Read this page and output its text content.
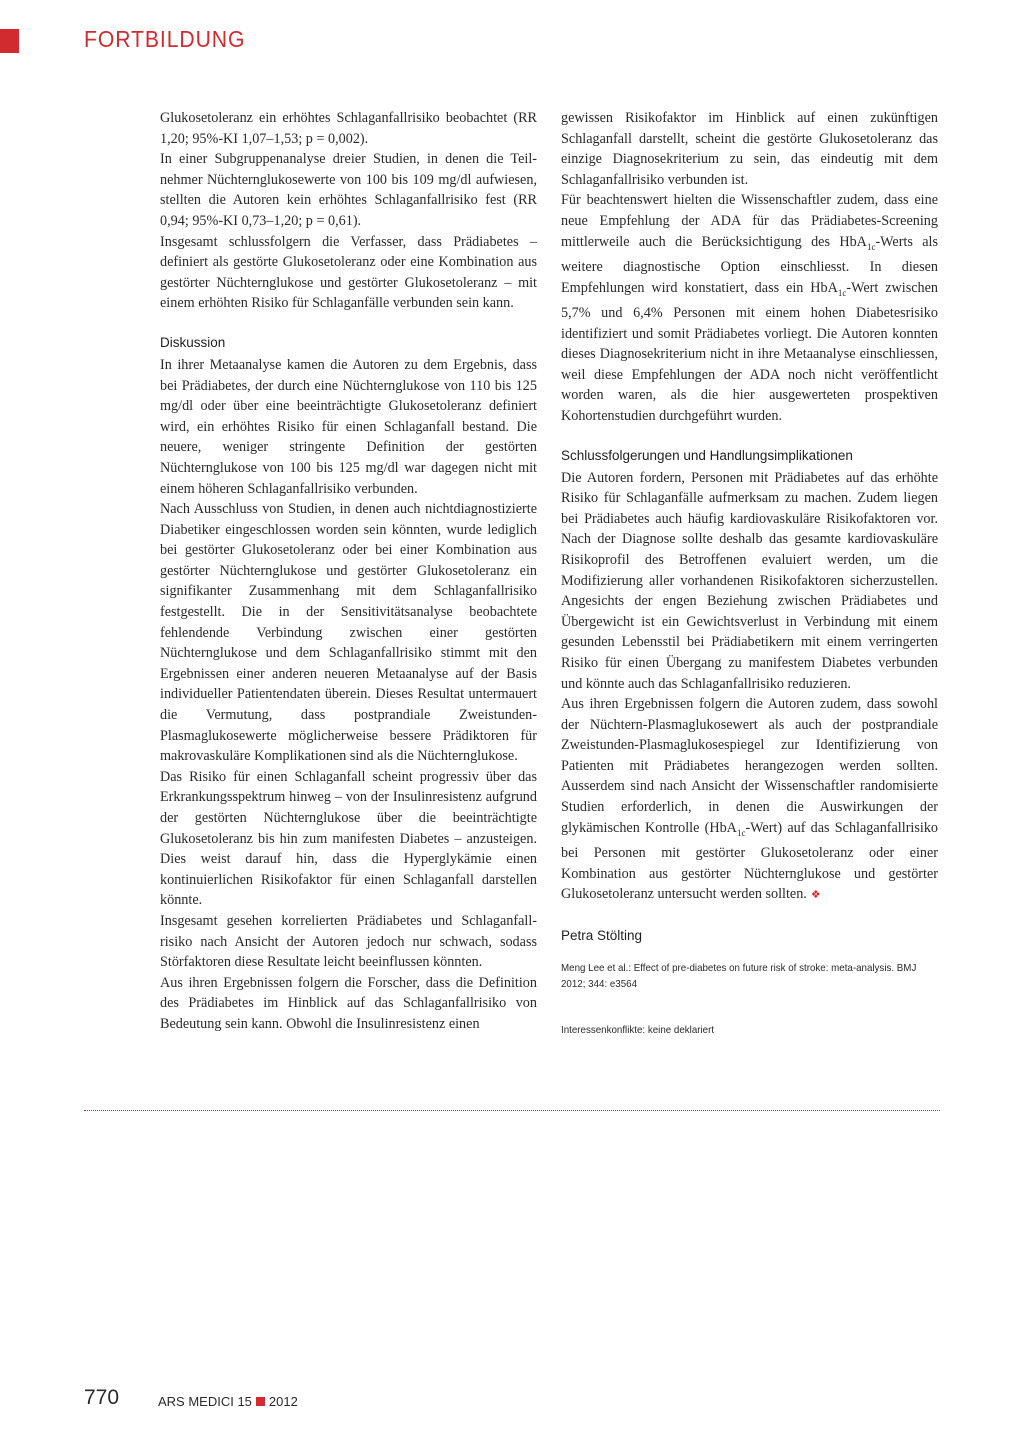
FORTBILDUNG

Glukosetoleranz ein erhöhtes Schlaganfallrisiko beobachtet (RR 1,20; 95%-KI 1,07–1,53; p = 0,002).

In einer Subgruppenanalyse dreier Studien, in denen die Teilnehmer Nüchternglukosewerte von 100 bis 109 mg/dl aufwiesen, stellten die Autoren kein erhöhtes Schlaganfallrisiko fest (RR 0,94; 95%-KI 0,73–1,20; p = 0,61).

Insgesamt schlussfolgern die Verfasser, dass Prädiabetes – definiert als gestörte Glukosetoleranz oder eine Kombination aus gestörter Nüchternglukose und gestörter Glukosetoleranz – mit einem erhöhten Risiko für Schlaganfälle verbunden sein kann.

Diskussion

In ihrer Metaanalyse kamen die Autoren zu dem Ergebnis, dass bei Prädiabetes, der durch eine Nüchternglukose von 110 bis 125 mg/dl oder über eine beeinträchtigte Glukosetoleranz definiert wird, ein erhöhtes Risiko für einen Schlaganfall bestand. Die neuere, weniger stringente Definition der gestörten Nüchternglukose von 100 bis 125 mg/dl war dagegen nicht mit einem höheren Schlaganfallrisiko verbunden.

Nach Ausschluss von Studien, in denen auch nichtdiagnostizierte Diabetiker eingeschlossen worden sein könnten, wurde lediglich bei gestörter Glukosetoleranz oder bei einer Kombination aus gestörter Nüchternglukose und gestörter Glukosetoleranz ein signifikanter Zusammenhang mit dem Schlaganfallrisiko festgestellt. Die in der Sensitivitätsanalyse beobachtete fehlendende Verbindung zwischen einer gestörten Nüchternglukose und dem Schlaganfallrisiko stimmt mit den Ergebnissen einer anderen neueren Metaanalyse auf der Basis individueller Patientendaten überein. Dieses Resultat untermauert die Vermutung, dass postprandiale Zweistunden-Plasmaglukosewerte möglicherweise bessere Prädiktoren für makrovaskuläre Komplikationen sind als die Nüchternglukose.

Das Risiko für einen Schlaganfall scheint progressiv über das Erkrankungsspektrum hinweg – von der Insulinresistenz aufgrund der gestörten Nüchternglukose über die beeinträchtigte Glukosetoleranz bis hin zum manifesten Diabetes – anzusteigen. Dies weist darauf hin, dass die Hyperglykämie einen kontinuierlichen Risikofaktor für einen Schlaganfall darstellen könnte.

Insgesamt gesehen korrelierten Prädiabetes und Schlaganfallrisiko nach Ansicht der Autoren jedoch nur schwach, sodass Störfaktoren diese Resultate leicht beeinflussen könnten.

Aus ihren Ergebnissen folgern die Forscher, dass die Definition des Prädiabetes im Hinblick auf das Schlaganfallrisiko von Bedeutung sein kann. Obwohl die Insulinresistenz einen

gewissen Risikofaktor im Hinblick auf einen zukünftigen Schlaganfall darstellt, scheint die gestörte Glukosetoleranz das einzige Diagnosekriterium zu sein, das eindeutig mit dem Schlaganfallrisiko verbunden ist.

Für beachtenswert hielten die Wissenschaftler zudem, dass eine neue Empfehlung der ADA für das Prädiabetes-Screening mittlerweile auch die Berücksichtigung des HbA$_{1c}$-Werts als weitere diagnostische Option einschliesst. In diesen Empfehlungen wird konstatiert, dass ein HbA$_{1c}$-Wert zwischen 5,7% und 6,4% Personen mit einem hohen Diabetesrisiko identifiziert und somit Prädiabetes vorliegt. Die Autoren konnten dieses Diagnosekriterium nicht in ihre Metaanalyse einschliessen, weil diese Empfehlungen der ADA noch nicht veröffentlicht worden waren, als die hier ausgewerteten prospektiven Kohortenstudien durchgeführt wurden.

Schlussfolgerungen und Handlungsimplikationen

Die Autoren fordern, Personen mit Prädiabetes auf das erhöhte Risiko für Schlaganfälle aufmerksam zu machen. Zudem liegen bei Prädiabetes auch häufig kardiovaskuläre Risikofaktoren vor. Nach der Diagnose sollte deshalb das gesamte kardiovaskuläre Risikoprofil des Betroffenen evaluiert werden, um die Modifizierung aller vorhandenen Risikofaktoren sicherzustellen. Angesichts der engen Beziehung zwischen Prädiabetes und Übergewicht ist ein Gewichtsverlust in Verbindung mit einem gesunden Lebensstil bei Prädiabetikern mit einem verringerten Risiko für einen Übergang zu manifestem Diabetes verbunden und könnte auch das Schlaganfallrisiko reduzieren.

Aus ihren Ergebnissen folgern die Autoren zudem, dass sowohl der Nüchtern-Plasmaglukosewert als auch der postprandiale Zweistunden-Plasmaglukosespiegel zur Identifizierung von Patienten mit Prädiabetes herangezogen werden sollten. Ausserdem sind nach Ansicht der Wissenschaftler randomisierte Studien erforderlich, in denen die Auswirkungen der glykämischen Kontrolle (HbA$_{1c}$-Wert) auf das Schlaganfallrisiko bei Personen mit gestörter Glukosetoleranz oder einer Kombination aus gestörter Nüchternglukose und gestörter Glukosetoleranz untersucht werden sollten. ❖

Petra Stölting
Meng Lee et al.: Effect of pre-diabetes on future risk of stroke: meta-analysis. BMJ 2012; 344: e3564
Interessenkonflikte: keine deklariert
770	ARS MEDICI 15 2012
